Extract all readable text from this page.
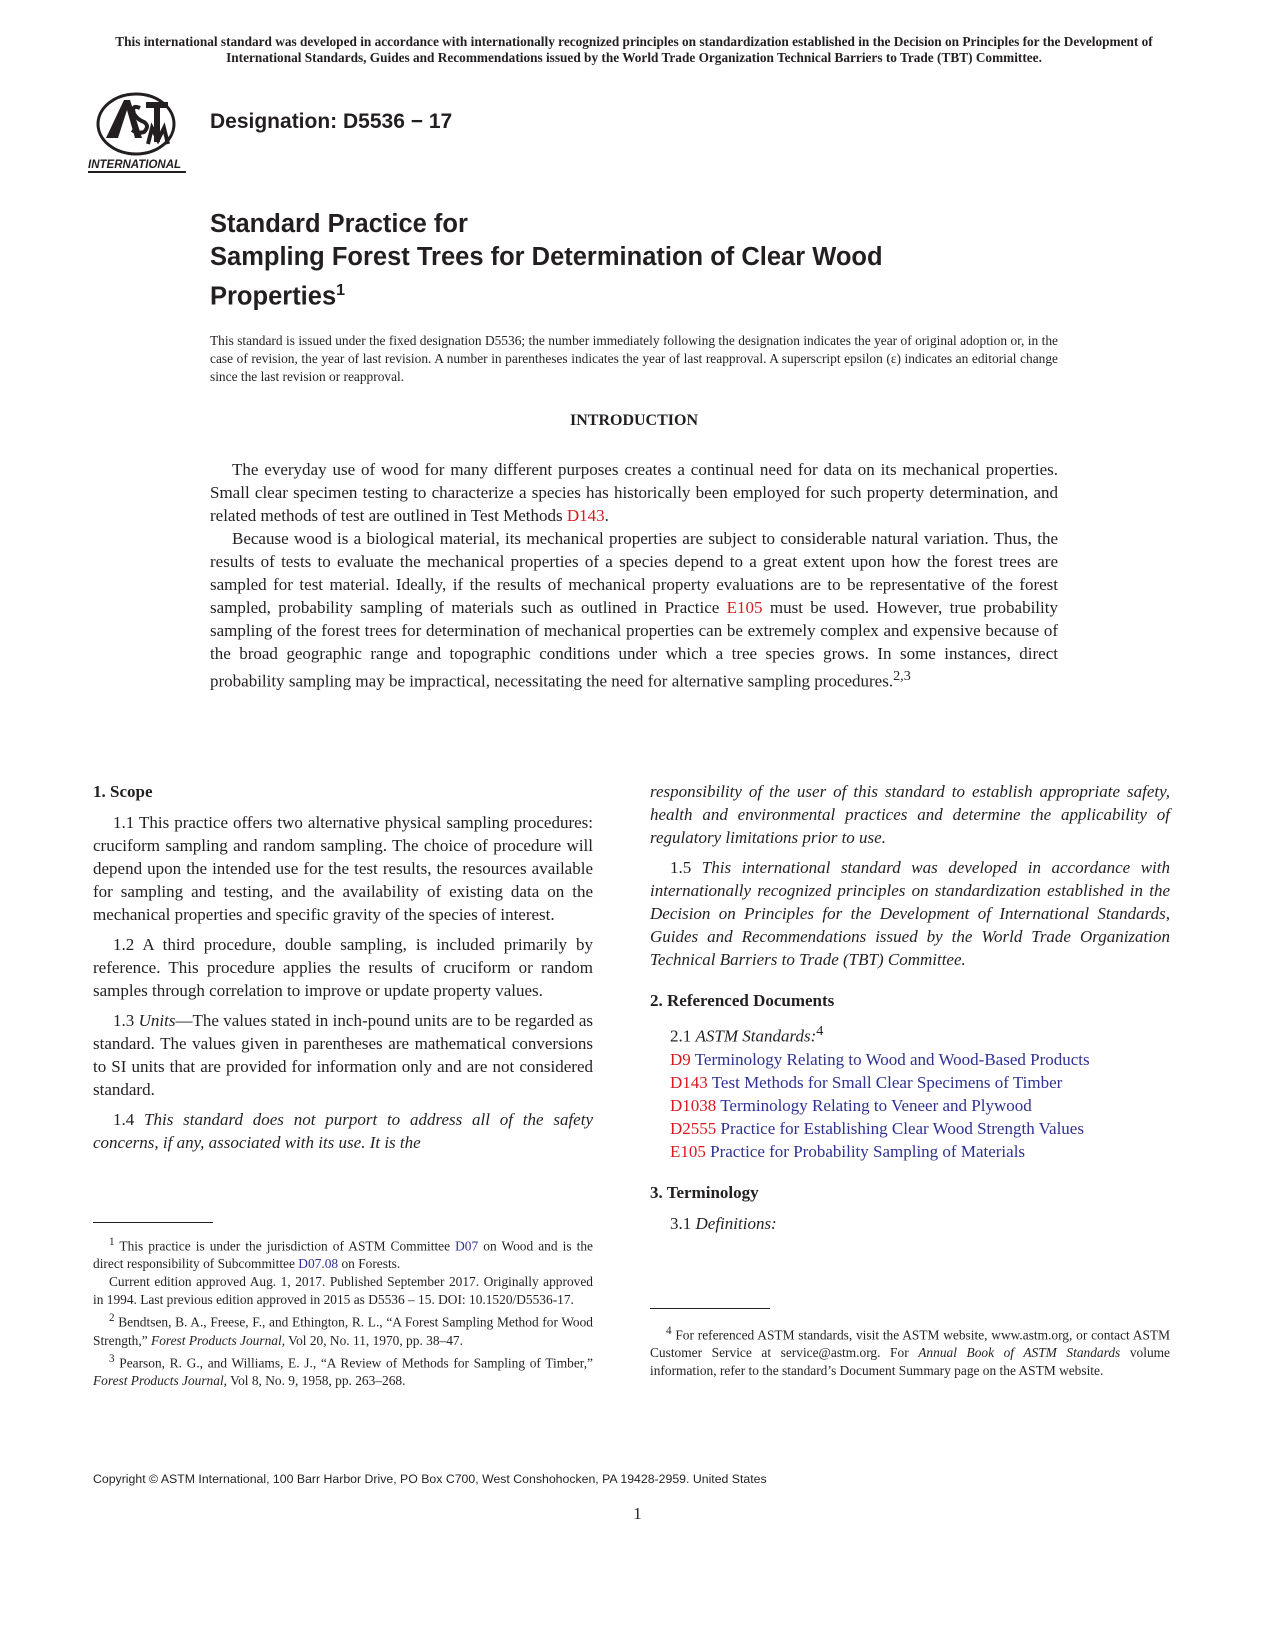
This international standard was developed in accordance with internationally recognized principles on standardization established in the Decision on Principles for the Development of International Standards, Guides and Recommendations issued by the World Trade Organization Technical Barriers to Trade (TBT) Committee.
INTERNATIONAL
Designation: D5536 − 17
Standard Practice for
Sampling Forest Trees for Determination of Clear Wood
Properties$^1$
This standard is issued under the fixed designation D5536; the number immediately following the designation indicates the year of original adoption or, in the case of revision, the year of last revision. A number in parentheses indicates the year of last reapproval. A superscript epsilon (ε) indicates an editorial change since the last revision or reapproval.
INTRODUCTION

The everyday use of wood for many different purposes creates a continual need for data on its mechanical properties. Small clear specimen testing to characterize a species has historically been employed for such property determination, and related methods of test are outlined in Test Methods D143.

Because wood is a biological material, its mechanical properties are subject to considerable natural variation. Thus, the results of tests to evaluate the mechanical properties of a species depend to a great extent upon how the forest trees are sampled for test material. Ideally, if the results of mechanical property evaluations are to be representative of the forest sampled, probability sampling of materials such as outlined in Practice E105 must be used. However, true probability sampling of the forest trees for determination of mechanical properties can be extremely complex and expensive because of the broad geographic range and topographic conditions under which a tree species grows. In some instances, direct probability sampling may be impractical, necessitating the need for alternative sampling procedures.$^{2,3}$

1. Scope

1.1 This practice offers two alternative physical sampling procedures: cruciform sampling and random sampling. The choice of procedure will depend upon the intended use for the test results, the resources available for sampling and testing, and the availability of existing data on the mechanical properties and specific gravity of the species of interest.

1.2 A third procedure, double sampling, is included primarily by reference. This procedure applies the results of cruciform or random samples through correlation to improve or update property values.

1.3 Units—The values stated in inch-pound units are to be regarded as standard. The values given in parentheses are mathematical conversions to SI units that are provided for information only and are not considered standard.

1.4 This standard does not purport to address all of the safety concerns, if any, associated with its use. It is the

responsibility of the user of this standard to establish appropriate safety, health and environmental practices and determine the applicability of regulatory limitations prior to use.

1.5 This international standard was developed in accordance with internationally recognized principles on standardization established in the Decision on Principles for the Development of International Standards, Guides and Recommendations issued by the World Trade Organization Technical Barriers to Trade (TBT) Committee.

2. Referenced Documents

2.1 ASTM Standards:$^4$

D9 Terminology Relating to Wood and Wood-Based Products
D143 Test Methods for Small Clear Specimens of Timber
D1038 Terminology Relating to Veneer and Plywood
D2555 Practice for Establishing Clear Wood Strength Values
E105 Practice for Probability Sampling of Materials

3. Terminology

3.1 Definitions:

$^1$ This practice is under the jurisdiction of ASTM Committee D07 on Wood and is the direct responsibility of Subcommittee D07.08 on Forests.

Current edition approved Aug. 1, 2017. Published September 2017. Originally approved in 1994. Last previous edition approved in 2015 as D5536 – 15. DOI: 10.1520/D5536-17.

$^2$ Bendtsen, B. A., Freese, F., and Ethington, R. L., “A Forest Sampling Method for Wood Strength,” Forest Products Journal, Vol 20, No. 11, 1970, pp. 38–47.

$^3$ Pearson, R. G., and Williams, E. J., “A Review of Methods for Sampling of Timber,” Forest Products Journal, Vol 8, No. 9, 1958, pp. 263–268.

$^4$ For referenced ASTM standards, visit the ASTM website, www.astm.org, or contact ASTM Customer Service at service@astm.org. For Annual Book of ASTM Standards volume information, refer to the standard’s Document Summary page on the ASTM website.

Copyright © ASTM International, 100 Barr Harbor Drive, PO Box C700, West Conshohocken, PA 19428-2959. United States
1
